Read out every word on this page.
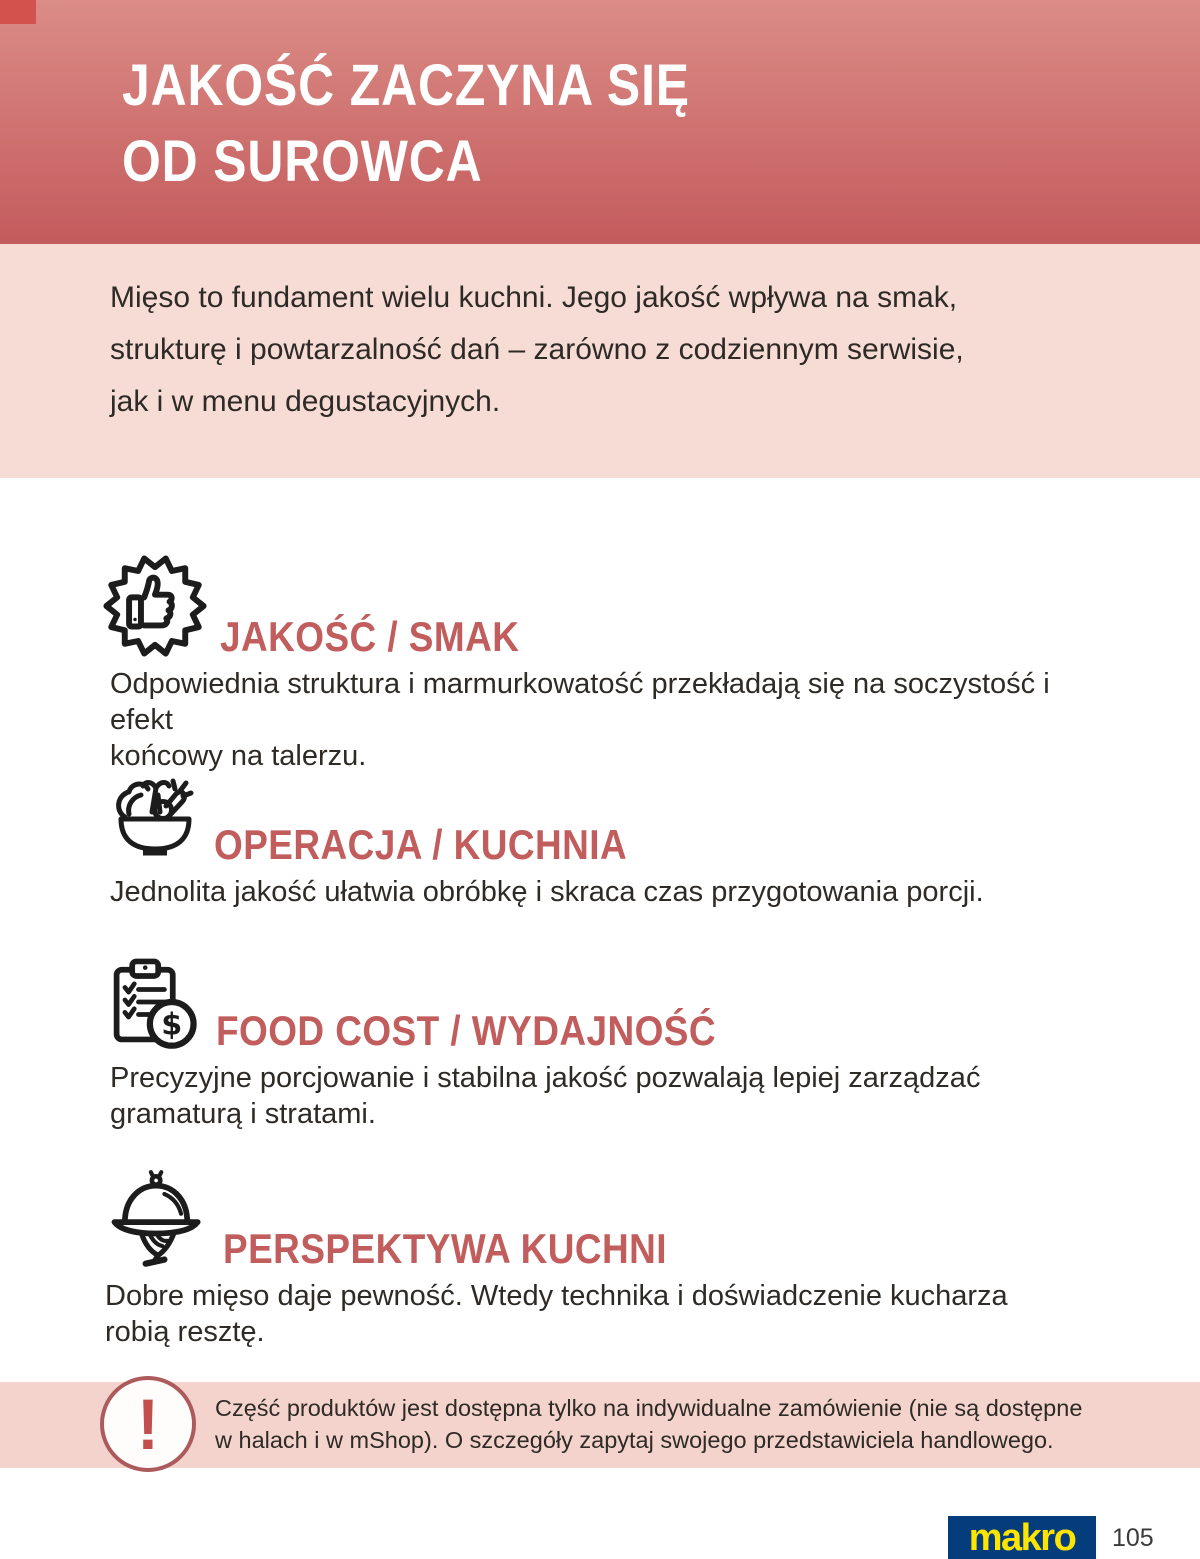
JAKOŚĆ ZACZYNA SIĘ
OD SUROWCA
Mięso to fundament wielu kuchni. Jego jakość wpływa na smak,
strukturę i powtarzalność dań – zarówno z codziennym serwisie,
jak i w menu degustacyjnych.
JAKOŚĆ / SMAK
Odpowiednia struktura i marmurkowatość przekładają się na soczystość i efekt
końcowy na talerzu.
OPERACJA / KUCHNIA
Jednolita jakość ułatwia obróbkę i skraca czas przygotowania porcji.
$ FOOD COST / WYDAJNOŚĆ
Precyzyjne porcjowanie i stabilna jakość pozwalają lepiej zarządzać
gramaturą i stratami.
PERSPEKTYWA KUCHNI
Dobre mięso daje pewność. Wtedy technika i doświadczenie kucharza
robią resztę.
! Część produktów jest dostępna tylko na indywidualne zamówienie (nie są dostępne
w halach i w mShop). O szczegóły zapytaj swojego przedstawiciela handlowego.
makro 105
